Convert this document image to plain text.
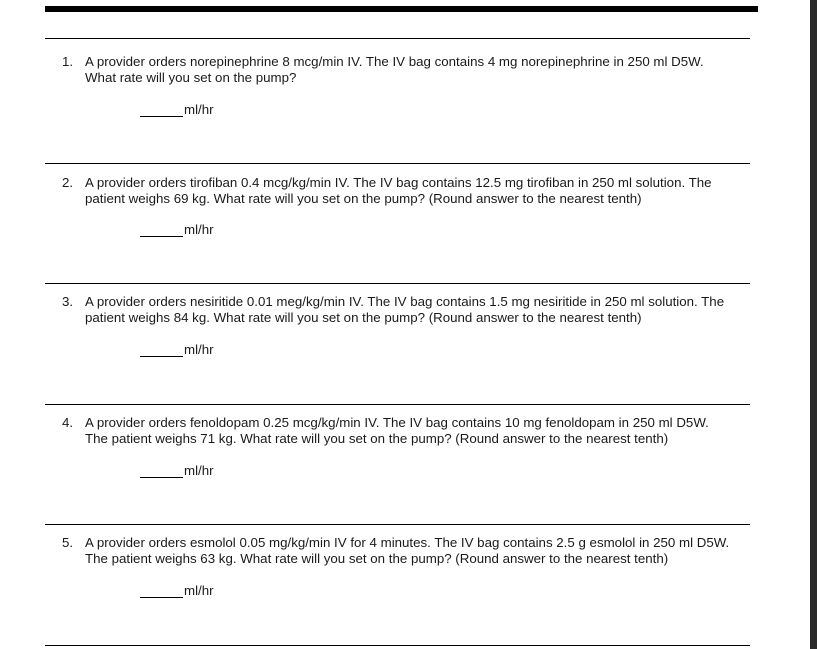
1. A provider orders norepinephrine 8 mcg/min IV. The IV bag contains 4 mg norepinephrine in 250 ml D5W.
What rate will you set on the pump?
ml/hr
2. A provider orders tirofiban 0.4 mcg/kg/min IV. The IV bag contains 12.5 mg tirofiban in 250 ml solution. The
patient weighs 69 kg. What rate will you set on the pump? (Round answer to the nearest tenth)
ml/hr
3. A provider orders nesiritide 0.01 meg/kg/min IV. The IV bag contains 1.5 mg nesiritide in 250 ml solution. The
patient weighs 84 kg. What rate will you set on the pump? (Round answer to the nearest tenth)
ml/hr
4. A provider orders fenoldopam 0.25 mcg/kg/min IV. The IV bag contains 10 mg fenoldopam in 250 ml D5W.
The patient weighs 71 kg. What rate will you set on the pump? (Round answer to the nearest tenth)
ml/hr
5. A provider orders esmolol 0.05 mg/kg/min IV for 4 minutes. The IV bag contains 2.5 g esmolol in 250 ml D5W.
The patient weighs 63 kg. What rate will you set on the pump? (Round answer to the nearest tenth)
ml/hr
